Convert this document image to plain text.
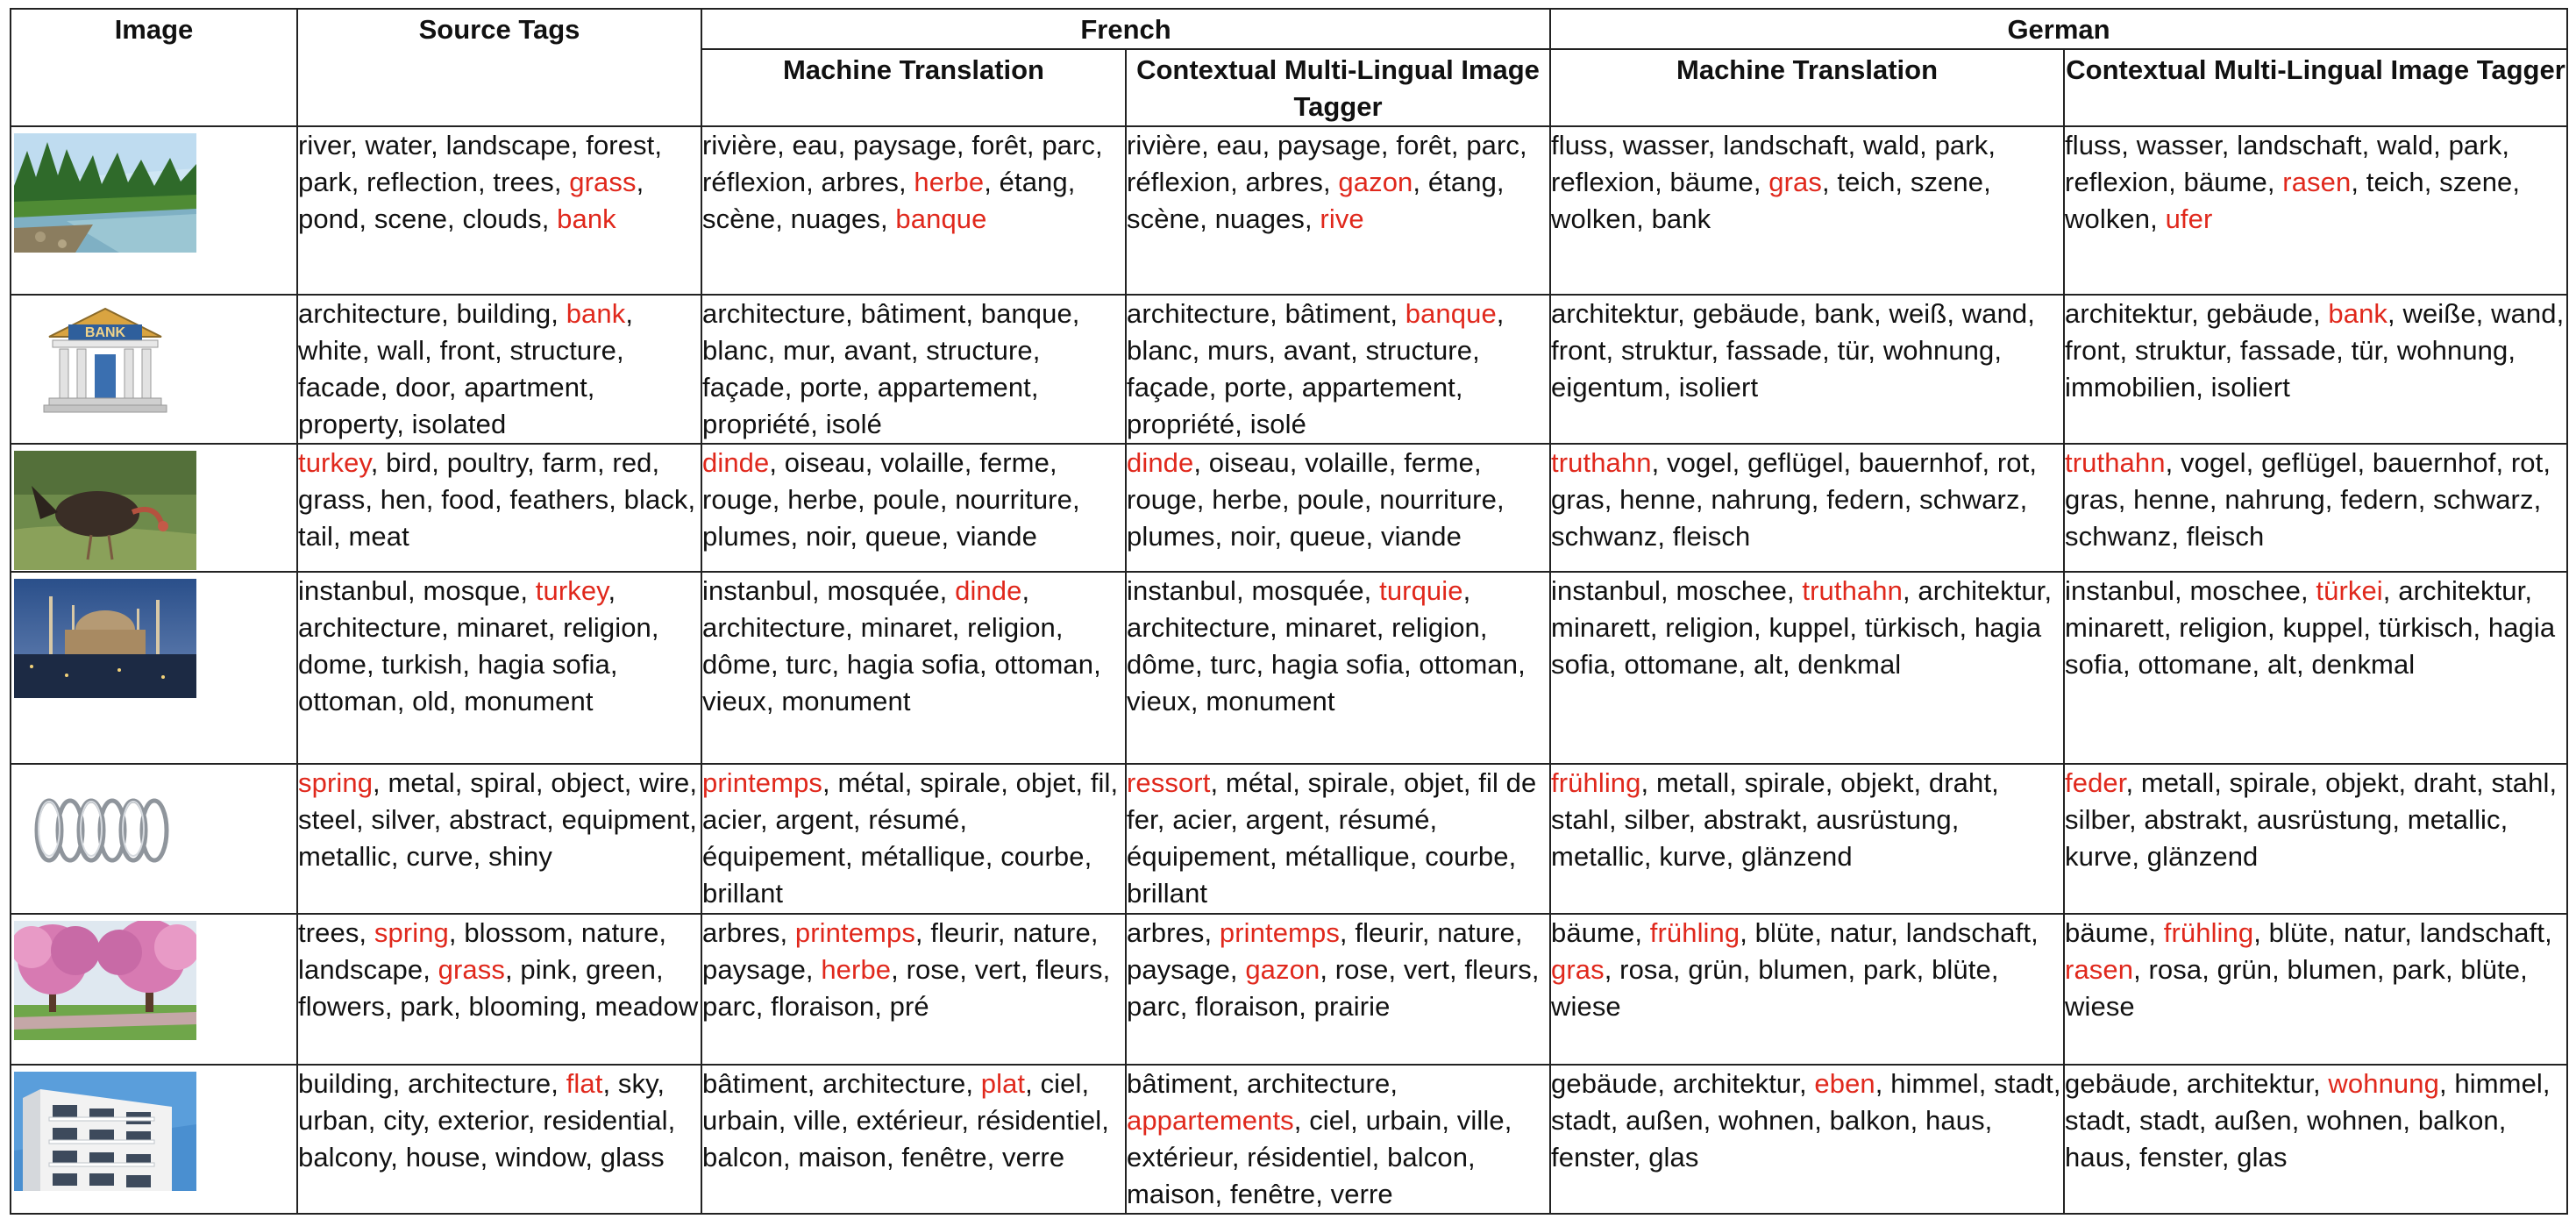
Image	Source Tags	French		German	
		Machine Translation	Contextual Multi-Lingual Image Tagger	Machine Translation	Contextual Multi-Lingual Image Tagger

	river, water, landscape, forest, park, reflection, trees, grass, pond, scene, clouds, bank	rivière, eau, paysage, forêt, parc, réflexion, arbres, herbe, étang, scène, nuages, banque	rivière, eau, paysage, forêt, parc, réflexion, arbres, gazon, étang, scène, nuages, rive	fluss, wasser, landschaft, wald, park, reflexion, bäume, gras, teich, szene, wolken, bank	fluss, wasser, landschaft, wald, park, reflexion, bäume, rasen, teich, szene, wolken, ufer

BANK	architecture, building, bank, white, wall, front, structure, facade, door, apartment, property, isolated	architecture, bâtiment, banque, blanc, mur, avant, structure, façade, porte, appartement, propriété, isolé	architecture, bâtiment, banque, blanc, murs, avant, structure, façade, porte, appartement, propriété, isolé	architektur, gebäude, bank, weiß, wand, front, struktur, fassade, tür, wohnung, eigentum, isoliert	architektur, gebäude, bank, weiße, wand, front, struktur, fassade, tür, wohnung, immobilien, isoliert

	turkey, bird, poultry, farm, red, grass, hen, food, feathers, black, tail, meat	dinde, oiseau, volaille, ferme, rouge, herbe, poule, nourriture, plumes, noir, queue, viande	dinde, oiseau, volaille, ferme, rouge, herbe, poule, nourriture, plumes, noir, queue, viande	truthahn, vogel, geflügel, bauernhof, rot, gras, henne, nahrung, federn, schwarz, schwanz, fleisch	truthahn, vogel, geflügel, bauernhof, rot, gras, henne, nahrung, federn, schwarz, schwanz, fleisch

	instanbul, mosque, turkey, architecture, minaret, religion, dome, turkish, hagia sofia, ottoman, old, monument	instanbul, mosquée, dinde, architecture, minaret, religion, dôme, turc, hagia sofia, ottoman, vieux, monument	instanbul, mosquée, turquie, architecture, minaret, religion, dôme, turc, hagia sofia, ottoman, vieux, monument	instanbul, moschee, truthahn, architektur, minarett, religion, kuppel, türkisch, hagia sofia, ottomane, alt, denkmal	instanbul, moschee, türkei, architektur, minarett, religion, kuppel, türkisch, hagia sofia, ottomane, alt, denkmal

	spring, metal, spiral, object, wire, steel, silver, abstract, equipment, metallic, curve, shiny	printemps, métal, spirale, objet, fil, acier, argent, résumé, équipement, métallique, courbe, brillant	ressort, métal, spirale, objet, fil de fer, acier, argent, résumé, équipement, métallique, courbe, brillant	frühling, metall, spirale, objekt, draht, stahl, silber, abstrakt, ausrüstung, metallic, kurve, glänzend	feder, metall, spirale, objekt, draht, stahl, silber, abstrakt, ausrüstung, metallic, kurve, glänzend

	trees, spring, blossom, nature, landscape, grass, pink, green, flowers, park, blooming, meadow	arbres, printemps, fleurir, nature, paysage, herbe, rose, vert, fleurs, parc, floraison, pré	arbres, printemps, fleurir, nature, paysage, gazon, rose, vert, fleurs, parc, floraison, prairie	bäume, frühling, blüte, natur, landschaft, gras, rosa, grün, blumen, park, blüte, wiese	bäume, frühling, blüte, natur, landschaft, rasen, rosa, grün, blumen, park, blüte, wiese

	building, architecture, flat, sky, urban, city, exterior, residential, balcony, house, window, glass	bâtiment, architecture, plat, ciel, urbain, ville, extérieur, résidentiel, balcon, maison, fenêtre, verre	bâtiment, architecture, appartements, ciel, urbain, ville, extérieur, résidentiel, balcon, maison, fenêtre, verre	gebäude, architektur, eben, himmel, stadt, stadt, außen, wohnen, balkon, haus, fenster, glas	gebäude, architektur, wohnung, himmel, stadt, stadt, außen, wohnen, balkon, haus, fenster, glas
